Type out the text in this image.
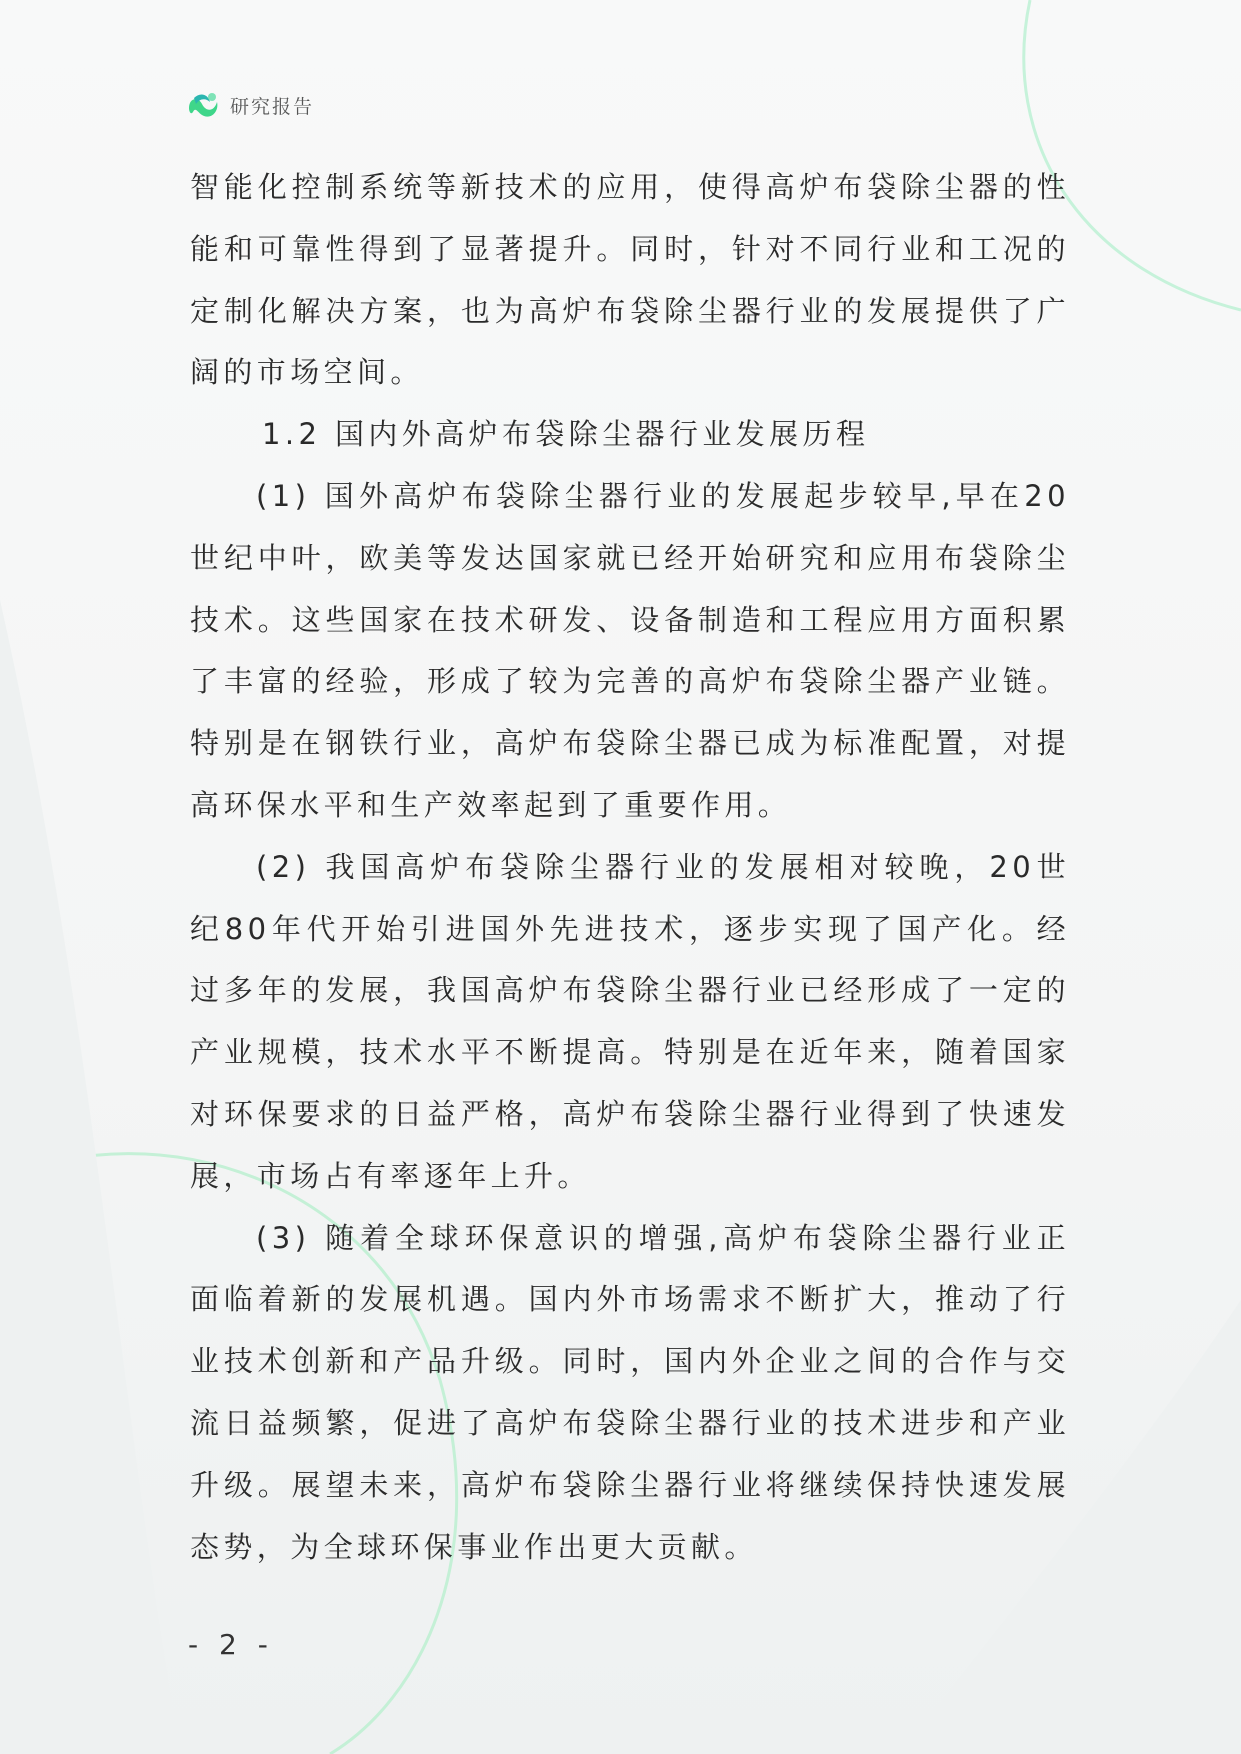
研究报告

智能化控制系统等新技术的应用，使得高炉布袋除尘器的性能和可靠性得到了显著提升。同时，针对不同行业和工况的定制化解决方案，也为高炉布袋除尘器行业的发展提供了广阔的市场空间。

1.2 国内外高炉布袋除尘器行业发展历程

(1) 国外高炉布袋除尘器行业的发展起步较早,早在20世纪中叶，欧美等发达国家就已经开始研究和应用布袋除尘技术。这些国家在技术研发、设备制造和工程应用方面积累了丰富的经验，形成了较为完善的高炉布袋除尘器产业链。特别是在钢铁行业，高炉布袋除尘器已成为标准配置，对提高环保水平和生产效率起到了重要作用。

(2) 我国高炉布袋除尘器行业的发展相对较晚，20世纪80年代开始引进国外先进技术，逐步实现了国产化。经过多年的发展，我国高炉布袋除尘器行业已经形成了一定的产业规模，技术水平不断提高。特别是在近年来，随着国家对环保要求的日益严格，高炉布袋除尘器行业得到了快速发展，市场占有率逐年上升。

(3) 随着全球环保意识的增强,高炉布袋除尘器行业正面临着新的发展机遇。国内外市场需求不断扩大，推动了行业技术创新和产品升级。同时，国内外企业之间的合作与交流日益频繁，促进了高炉布袋除尘器行业的技术进步和产业升级。展望未来，高炉布袋除尘器行业将继续保持快速发展态势，为全球环保事业作出更大贡献。

- 2 -
